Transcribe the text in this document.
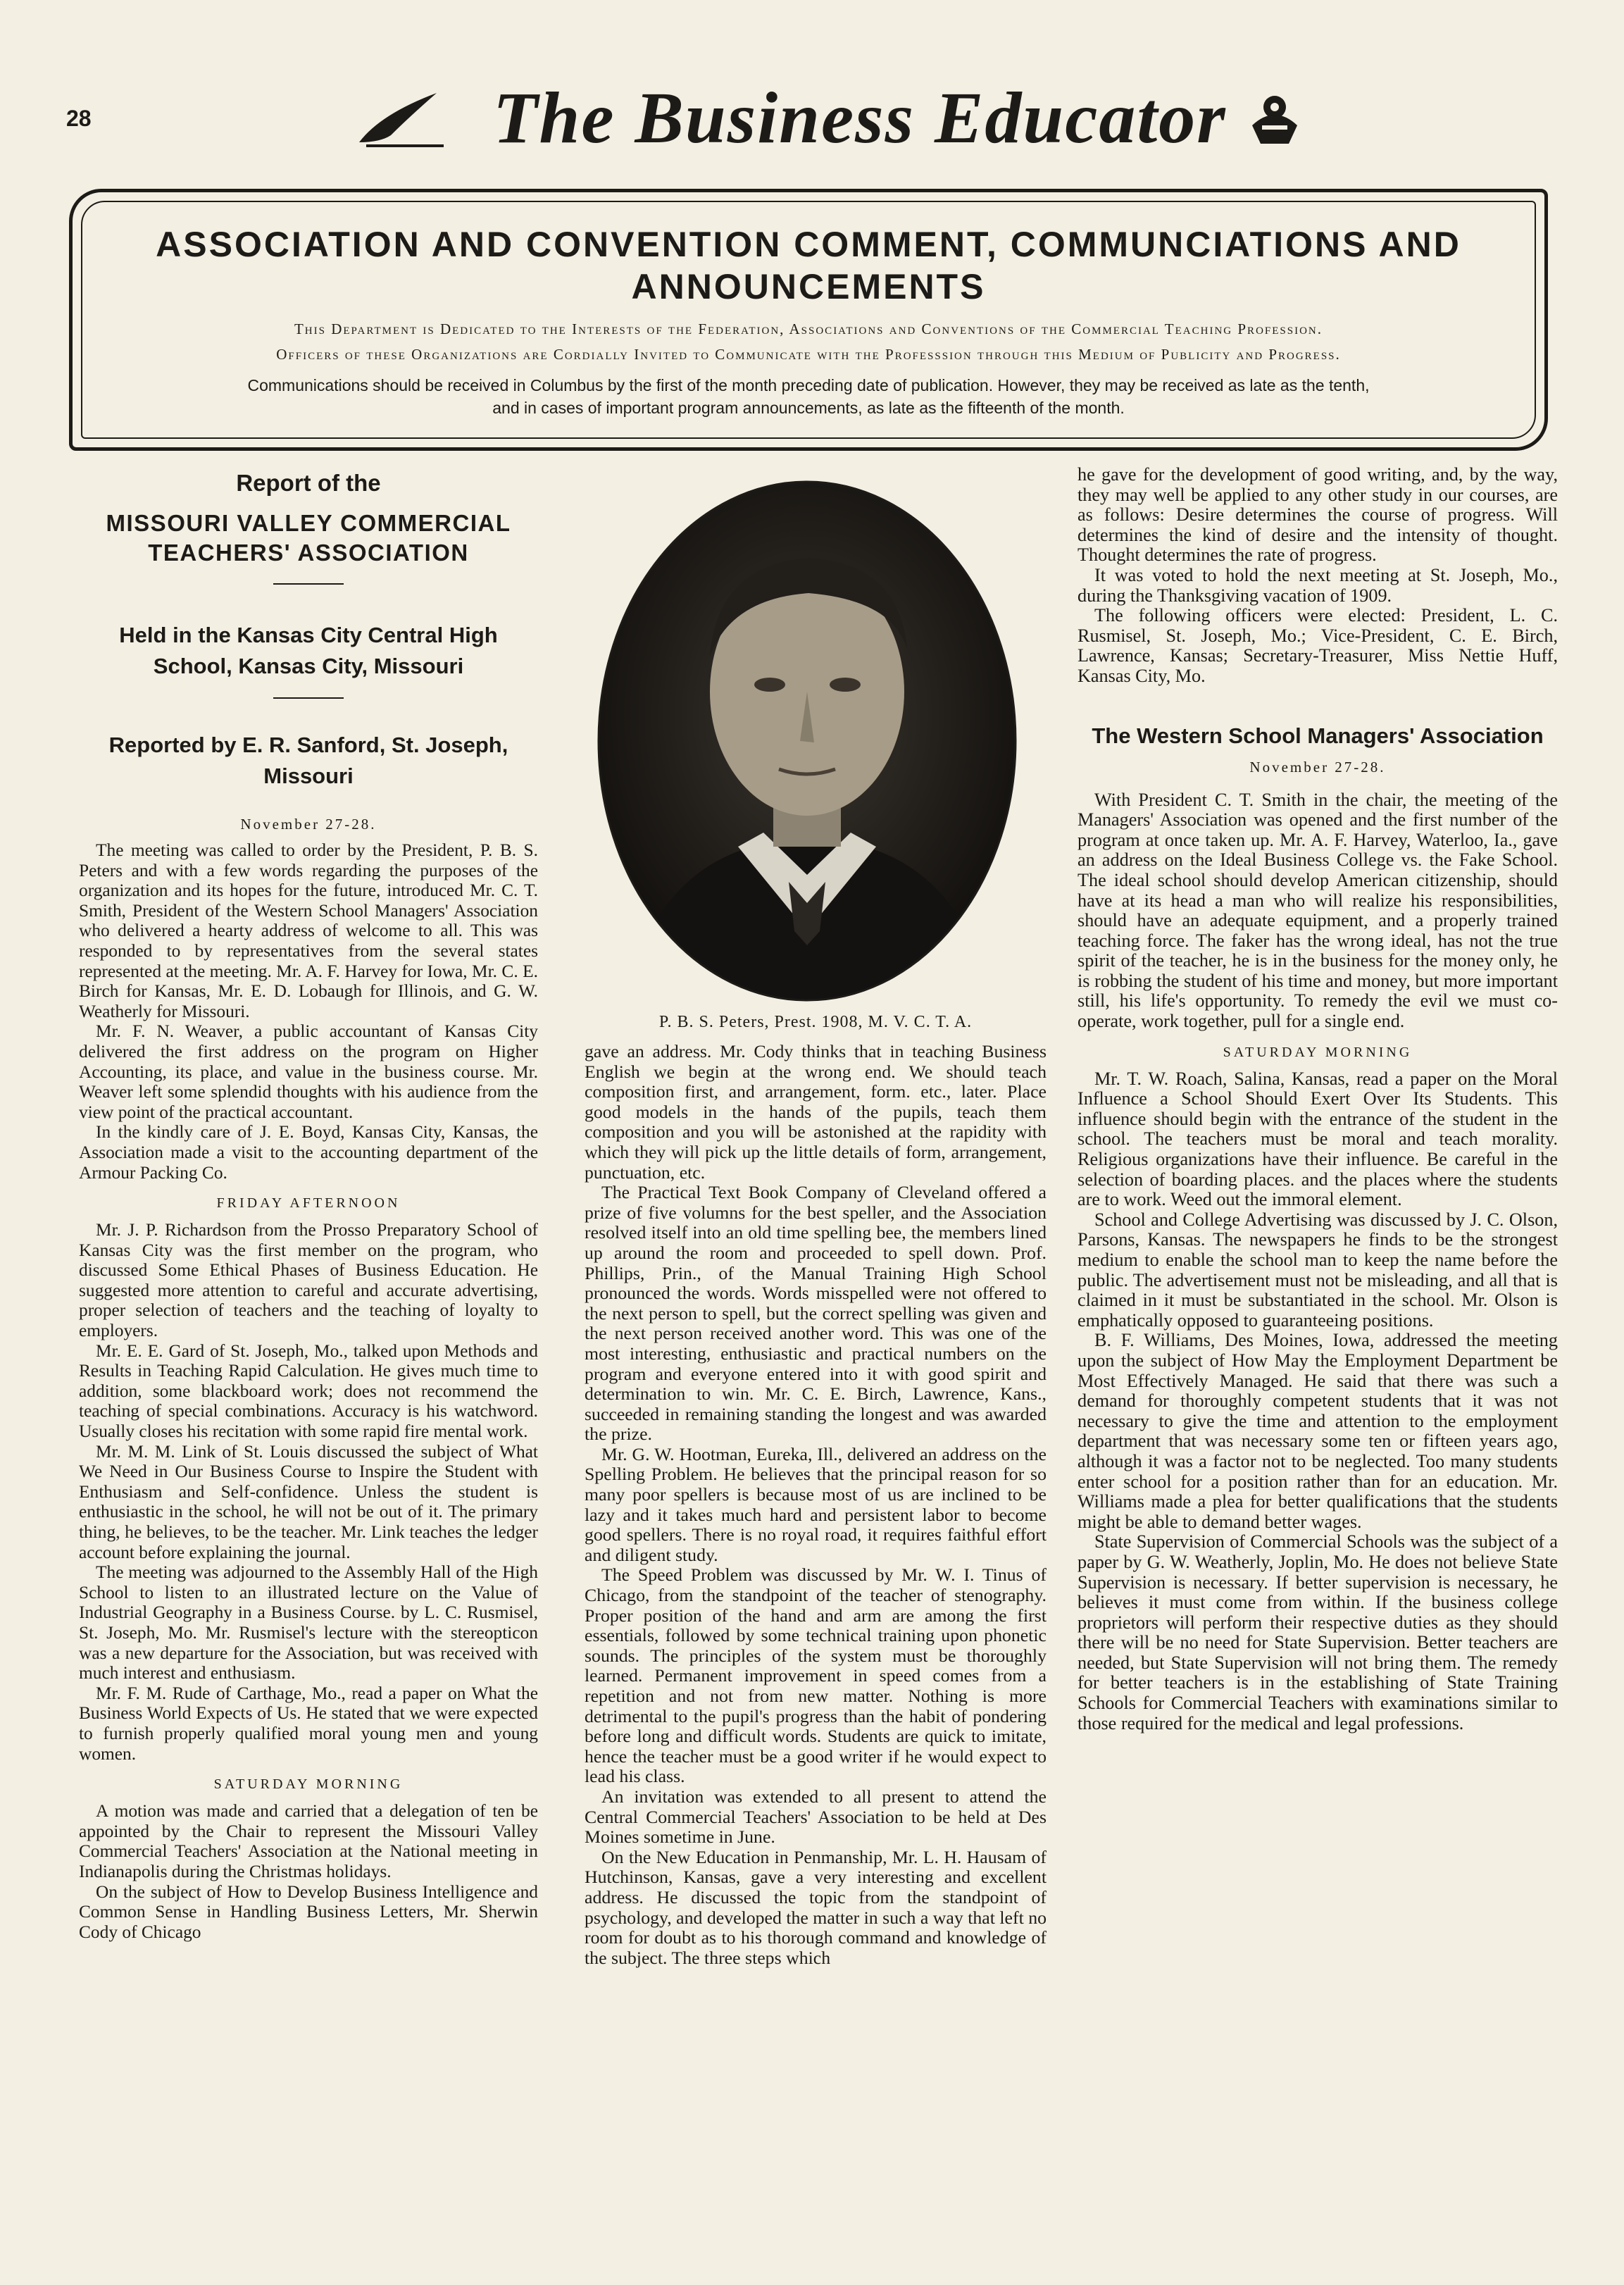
28	The Business Educator
ASSOCIATION AND CONVENTION COMMENT, COMMUNCIATIONS AND ANNOUNCEMENTS
This Department is Dedicated to the Interests of the Federation, Associations and Conventions of the Commercial Teaching Profession.
Officers of these Organizations are Cordially Invited to Communicate with the Professsion through this Medium of Publicity and Progress.
Communications should be received in Columbus by the first of the month preceding date of publication. However, they may be received as late as the tenth,
and in cases of important program announcements, as late as the fifteenth of the month.
Report of the
MISSOURI VALLEY COMMERCIAL TEACHERS' ASSOCIATION
Held in the Kansas City Central High School, Kansas City, Missouri
Reported by E. R. Sanford, St. Joseph, Missouri
November 27-28.

The meeting was called to order by the President, P. B. S. Peters and with a few words regarding the purposes of the organization and its hopes for the future, introduced Mr. C. T. Smith, President of the Western School Managers' Association who delivered a hearty address of welcome to all. This was responded to by representatives from the several states represented at the meeting. Mr. A. F. Harvey for Iowa, Mr. C. E. Birch for Kansas, Mr. E. D. Lobaugh for Illinois, and G. W. Weatherly for Missouri.

Mr. F. N. Weaver, a public accountant of Kansas City delivered the first address on the program on Higher Accounting, its place, and value in the business course. Mr. Weaver left some splendid thoughts with his audience from the view point of the practical accountant.

In the kindly care of J. E. Boyd, Kansas City, Kansas, the Association made a visit to the accounting department of the Armour Packing Co.

FRIDAY AFTERNOON

Mr. J. P. Richardson from the Prosso Preparatory School of Kansas City was the first member on the program, who discussed Some Ethical Phases of Business Education. He suggested more attention to careful and accurate advertising, proper selection of teachers and the teaching of loyalty to employers.

Mr. E. E. Gard of St. Joseph, Mo., talked upon Methods and Results in Teaching Rapid Calculation. He gives much time to addition, some blackboard work; does not recommend the teaching of special combinations. Accuracy is his watchword. Usually closes his recitation with some rapid fire mental work.

Mr. M. M. Link of St. Louis discussed the subject of What We Need in Our Business Course to Inspire the Student with Enthusiasm and Self-confidence. Unless the student is enthusiastic in the school, he will not be out of it. The primary thing, he believes, to be the teacher. Mr. Link teaches the ledger account before explaining the journal.

The meeting was adjourned to the Assembly Hall of the High School to listen to an illustrated lecture on the Value of Industrial Geography in a Business Course. by L. C. Rusmisel, St. Joseph, Mo. Mr. Rusmisel's lecture with the stereopticon was a new departure for the Association, but was received with much interest and enthusiasm.

Mr. F. M. Rude of Carthage, Mo., read a paper on What the Business World Expects of Us. He stated that we were expected to furnish properly qualified moral young men and young women.

SATURDAY MORNING

A motion was made and carried that a delegation of ten be appointed by the Chair to represent the Missouri Valley Commercial Teachers' Association at the National meeting in Indianapolis during the Christmas holidays.

On the subject of How to Develop Business Intelligence and Common Sense in Handling Business Letters, Mr. Sherwin Cody of Chicago

P. B. S. Peters, Prest. 1908, M. V. C. T. A.

gave an address. Mr. Cody thinks that in teaching Business English we begin at the wrong end. We should teach composition first, and arrangement, form. etc., later. Place good models in the hands of the pupils, teach them composition and you will be astonished at the rapidity with which they will pick up the little details of form, arrangement, punctuation, etc.

The Practical Text Book Company of Cleveland offered a prize of five volumns for the best speller, and the Association resolved itself into an old time spelling bee, the members lined up around the room and proceeded to spell down. Prof. Phillips, Prin., of the Manual Training High School pronounced the words. Words misspelled were not offered to the next person to spell, but the correct spelling was given and the next person received another word. This was one of the most interesting, enthusiastic and practical numbers on the program and everyone entered into it with good spirit and determination to win. Mr. C. E. Birch, Lawrence, Kans., succeeded in remaining standing the longest and was awarded the prize.

Mr. G. W. Hootman, Eureka, Ill., delivered an address on the Spelling Problem. He believes that the principal reason for so many poor spellers is because most of us are inclined to be lazy and it takes much hard and persistent labor to become good spellers. There is no royal road, it requires faithful effort and diligent study.

The Speed Problem was discussed by Mr. W. I. Tinus of Chicago, from the standpoint of the teacher of stenography. Proper position of the hand and arm are among the first essentials, followed by some technical training upon phonetic sounds. The principles of the system must be thoroughly learned. Permanent improvement in speed comes from a repetition and not from new matter. Nothing is more detrimental to the pupil's progress than the habit of pondering before long and difficult words. Students are quick to imitate, hence the teacher must be a good writer if he would expect to lead his class.

An invitation was extended to all present to attend the Central Commercial Teachers' Association to be held at Des Moines sometime in June.

On the New Education in Penmanship, Mr. L. H. Hausam of Hutchinson, Kansas, gave a very interesting and excellent address. He discussed the topic from the standpoint of psychology, and developed the matter in such a way that left no room for doubt as to his thorough command and knowledge of the subject. The three steps which

he gave for the development of good writing, and, by the way, they may well be applied to any other study in our courses, are as follows: Desire determines the course of progress. Will determines the kind of desire and the intensity of thought. Thought determines the rate of progress.

It was voted to hold the next meeting at St. Joseph, Mo., during the Thanksgiving vacation of 1909.

The following officers were elected: President, L. C. Rusmisel, St. Joseph, Mo.; Vice-President, C. E. Birch, Lawrence, Kansas; Secretary-Treasurer, Miss Nettie Huff, Kansas City, Mo.

The Western School Managers' Association
November 27-28.

With President C. T. Smith in the chair, the meeting of the Managers' Association was opened and the first number of the program at once taken up. Mr. A. F. Harvey, Waterloo, Ia., gave an address on the Ideal Business College vs. the Fake School. The ideal school should develop American citizenship, should have at its head a man who will realize his responsibilities, should have an adequate equipment, and a properly trained teaching force. The faker has the wrong ideal, has not the true spirit of the teacher, he is in the business for the money only, he is robbing the student of his time and money, but more important still, his life's opportunity. To remedy the evil we must co-operate, work together, pull for a single end.

SATURDAY MORNING

Mr. T. W. Roach, Salina, Kansas, read a paper on the Moral Influence a School Should Exert Over Its Students. This influence should begin with the entrance of the student in the school. The teachers must be moral and teach morality. Religious organizations have their influence. Be careful in the selection of boarding places. and the places where the students are to work. Weed out the immoral element.

School and College Advertising was discussed by J. C. Olson, Parsons, Kansas. The newspapers he finds to be the strongest medium to enable the school man to keep the name before the public. The advertisement must not be misleading, and all that is claimed in it must be substantiated in the school. Mr. Olson is emphatically opposed to guaranteeing positions.

B. F. Williams, Des Moines, Iowa, addressed the meeting upon the subject of How May the Employment Department be Most Effectively Managed. He said that there was such a demand for thoroughly competent students that it was not necessary to give the time and attention to the employment department that was necessary some ten or fifteen years ago, although it was a factor not to be neglected. Too many students enter school for a position rather than for an education. Mr. Williams made a plea for better qualifications that the students might be able to demand better wages.

State Supervision of Commercial Schools was the subject of a paper by G. W. Weatherly, Joplin, Mo. He does not believe State Supervision is necessary. If better supervision is necessary, he believes it must come from within. If the business college proprietors will perform their respective duties as they should there will be no need for State Supervision. Better teachers are needed, but State Supervision will not bring them. The remedy for better teachers is in the establishing of State Training Schools for Commercial Teachers with examinations similar to those required for the medical and legal professions.
